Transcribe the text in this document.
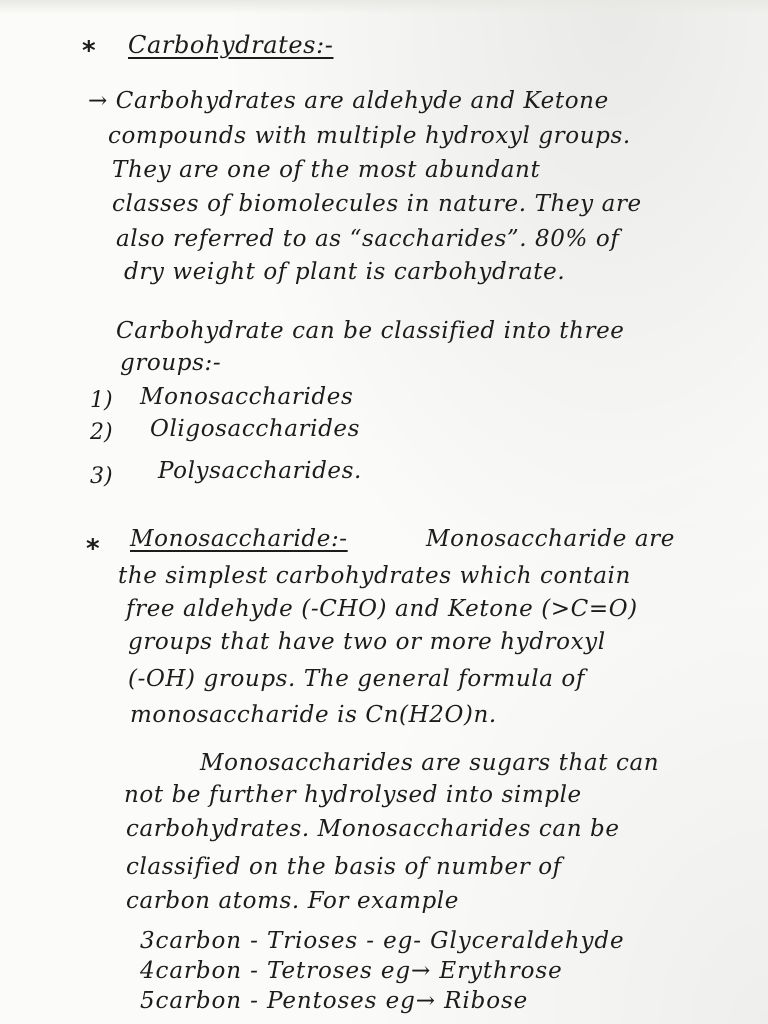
* Carbohydrates:-
→ Carbohydrates are aldehyde and Ketone
compounds with multiple hydroxyl groups.
They are one of the most abundant
classes of biomolecules in nature. They are
also referred to as “saccharides”. 80% of
dry weight of plant is carbohydrate.
Carbohydrate can be classified into three
groups:-
1) Monosaccharides
2) Oligosaccharides
3) Polysaccharides.
* Monosaccharide:-	Monosaccharide are
the simplest carbohydrates which contain
free aldehyde (-CHO) and Ketone (>C=O)
groups that have two or more hydroxyl
(-OH) groups. The general formula of
monosaccharide is Cn(H2O)n.
Monosaccharides are sugars that can
not be further hydrolysed into simple
carbohydrates. Monosaccharides can be
classified on the basis of number of
carbon atoms. For example
3carbon - Trioses - eg- Glyceraldehyde
4carbon - Tetroses eg→ Erythrose
5carbon - Pentoses eg→ Ribose
